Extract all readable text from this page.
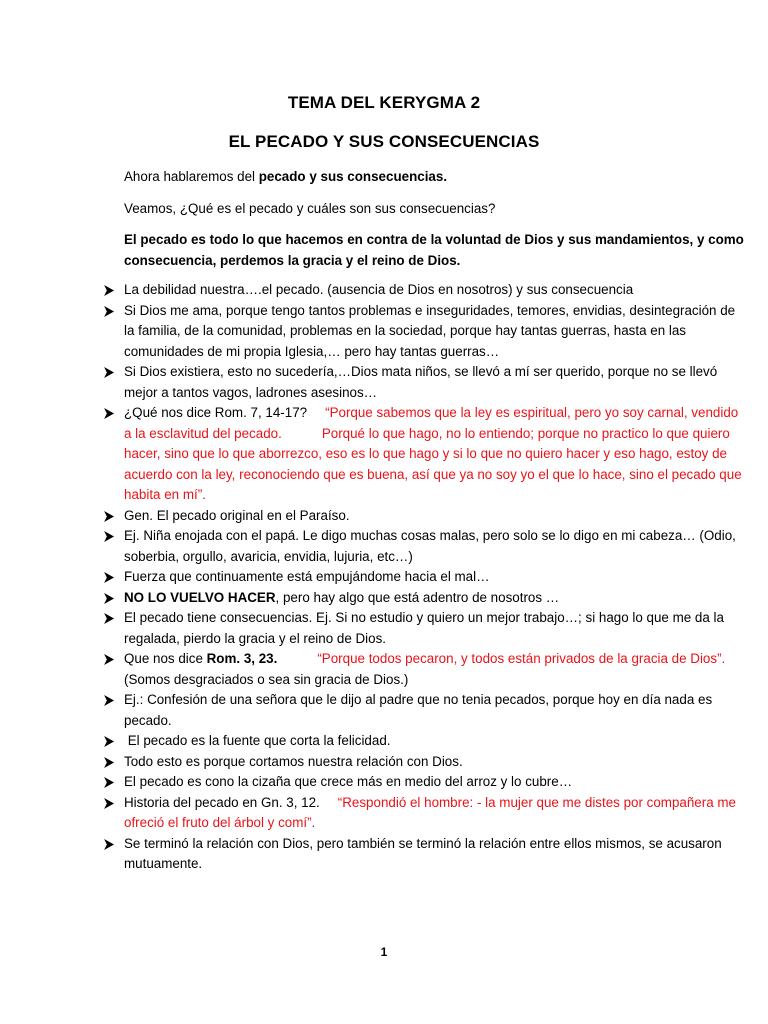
TEMA DEL KERYGMA 2
EL PECADO Y SUS CONSECUENCIAS
Ahora hablaremos del pecado y sus consecuencias.
Veamos, ¿Qué es el pecado y cuáles son sus consecuencias?
El pecado es todo lo que hacemos en contra de la voluntad de Dios y sus mandamientos, y como consecuencia, perdemos la gracia y el reino de Dios.
La debilidad nuestra….el pecado. (ausencia de Dios en nosotros) y sus consecuencia
Si Dios me ama, porque tengo tantos problemas e inseguridades, temores, envidias, desintegración de la familia, de la comunidad, problemas en la sociedad, porque hay tantas guerras, hasta en las comunidades de mi propia Iglesia,… pero hay tantas guerras…
Si Dios existiera, esto no sucedería,…Dios mata niños, se llevó a mí ser querido, porque no se llevó mejor a tantos vagos, ladrones asesinos…
¿Qué nos dice Rom. 7, 14-17? “Porque sabemos que la ley es espiritual, pero yo soy carnal, vendido a la esclavitud del pecado.	Porqué lo que hago, no lo entiendo; porque no practico lo que quiero hacer, sino que lo que aborrezco, eso es lo que hago y si lo que no quiero hacer y eso hago, estoy de acuerdo con la ley, reconociendo que es buena, así que ya no soy yo el que lo hace, sino el pecado que habita en mí”.
Gen. El pecado original en el Paraíso.
Ej. Niña enojada con el papá. Le digo muchas cosas malas, pero solo se lo digo en mi cabeza… (Odio, soberbia, orgullo, avaricia, envidia, lujuria, etc…)
Fuerza que continuamente está empujándome hacia el mal…
NO LO VUELVO HACER, pero hay algo que está adentro de nosotros …
El pecado tiene consecuencias. Ej. Si no estudio y quiero un mejor trabajo…; si hago lo que me da la regalada, pierdo la gracia y el reino de Dios.
Que nos dice Rom. 3, 23.	“Porque todos pecaron, y todos están privados de la gracia de Dios”.
(Somos desgraciados o sea sin gracia de Dios.)
Ej.: Confesión de una señora que le dijo al padre que no tenia pecados, porque hoy en día nada es pecado.
El pecado es la fuente que corta la felicidad.
Todo esto es porque cortamos nuestra relación con Dios.
El pecado es cono la cizaña que crece más en medio del arroz y lo cubre…
Historia del pecado en Gn. 3, 12. “Respondió el hombre: - la mujer que me distes por compañera me ofreció el fruto del árbol y comí”.
Se terminó la relación con Dios, pero también se terminó la relación entre ellos mismos, se acusaron mutuamente.
1
